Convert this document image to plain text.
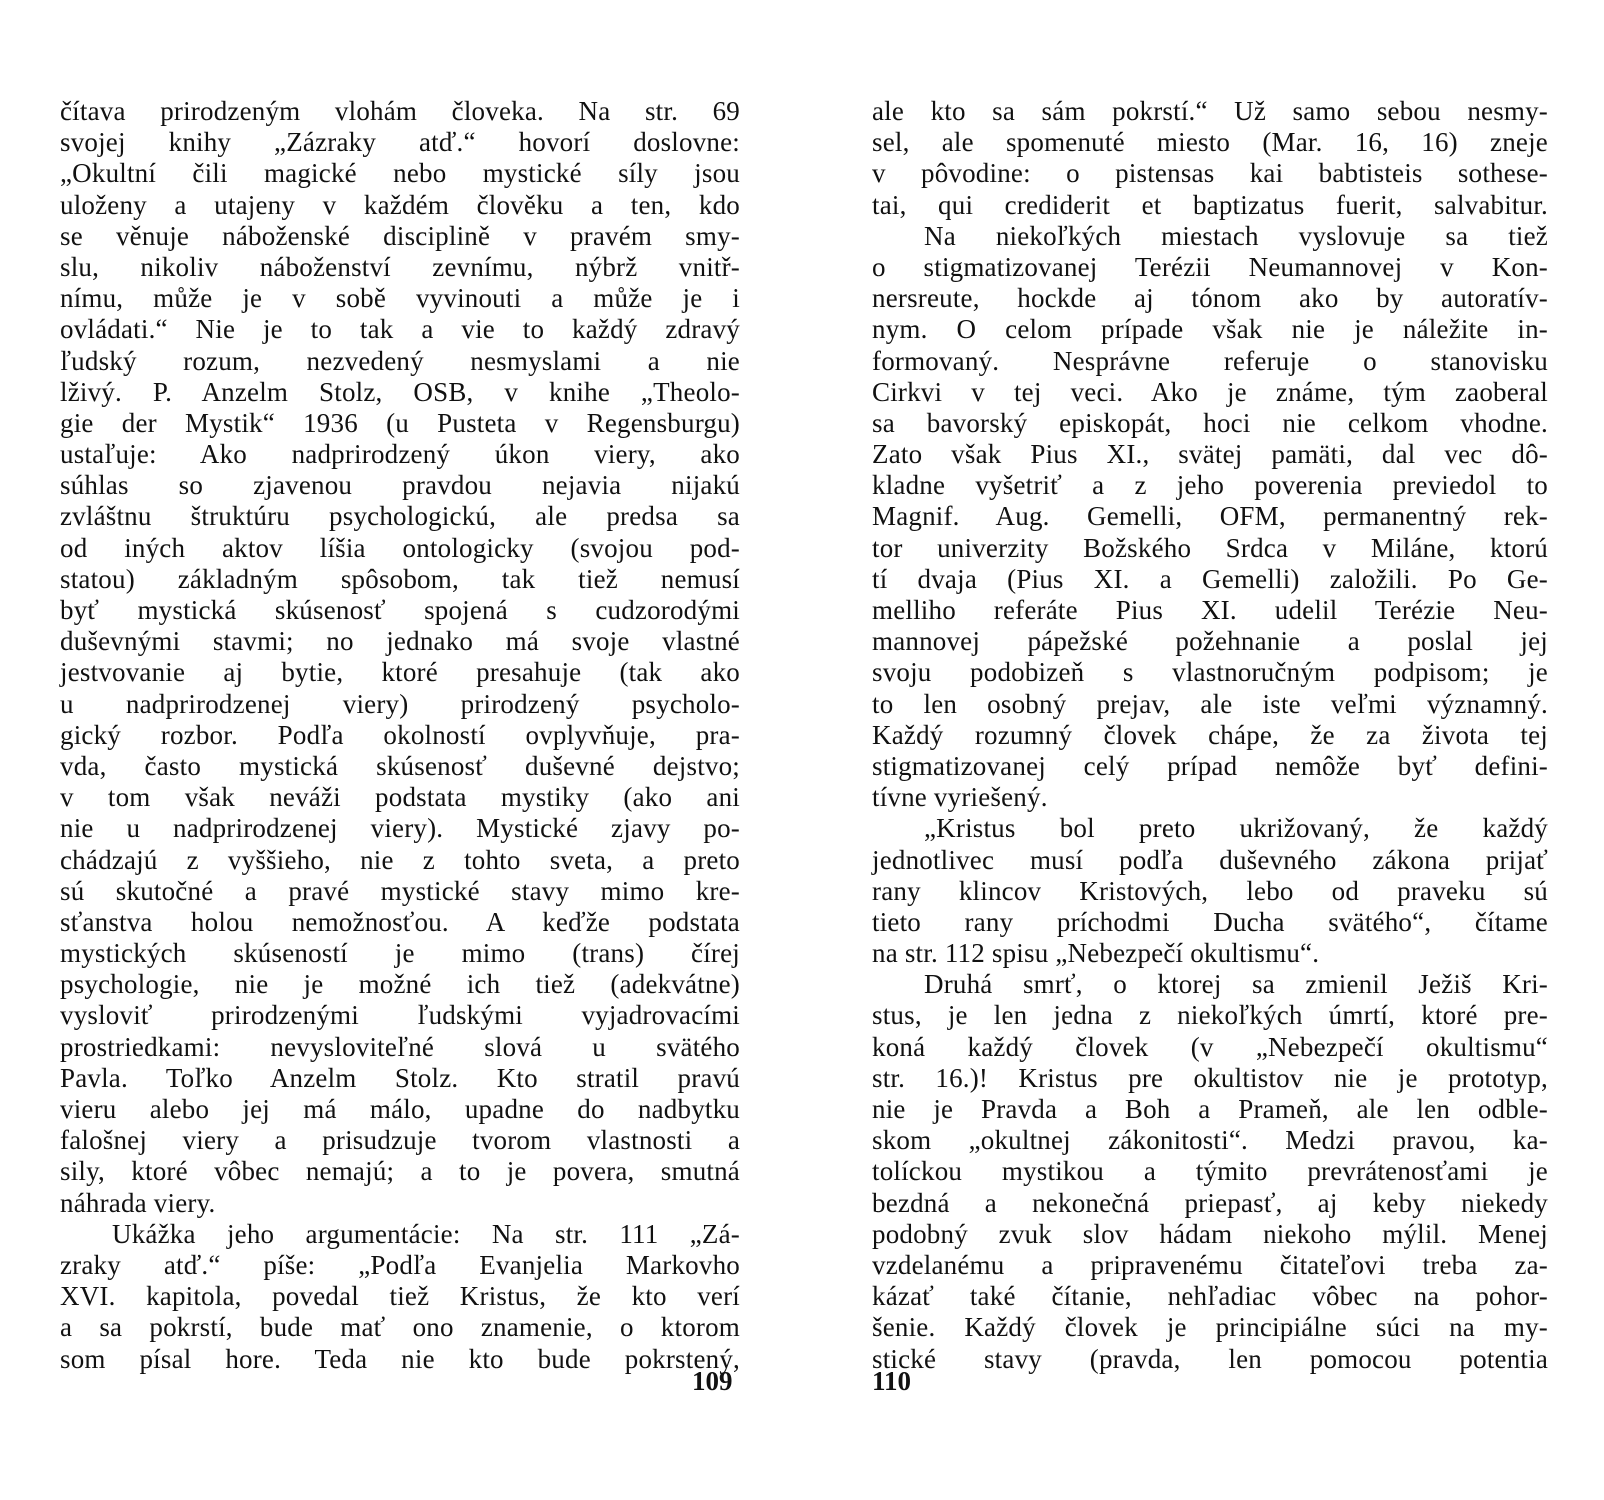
čítava prirodzeným vlohám človeka. Na str. 69
svojej knihy „Zázraky atď.“ hovorí doslovne:
„Okultní čili magické nebo mystické síly jsou
uloženy a utajeny v každém člověku a ten, kdo
se věnuje náboženské disciplině v pravém smy-
slu, nikoliv náboženství zevnímu, nýbrž vnitř-
nímu, může je v sobě vyvinouti a může je i
ovládati.“ Nie je to tak a vie to každý zdravý
ľudský rozum, nezvedený nesmyslami a nie
lživý. P. Anzelm Stolz, OSB, v knihe „Theolo-
gie der Mystik“ 1936 (u Pusteta v Regensburgu)
ustaľuje: Ako nadprirodzený úkon viery, ako
súhlas so zjavenou pravdou nejavia nijakú
zvláštnu štruktúru psychologickú, ale predsa sa
od iných aktov líšia ontologicky (svojou pod-
statou) základným spôsobom, tak tiež nemusí
byť mystická skúsenosť spojená s cudzorodými
duševnými stavmi; no jednako má svoje vlastné
jestvovanie aj bytie, ktoré presahuje (tak ako
u nadprirodzenej viery) prirodzený psycholo-
gický rozbor. Podľa okolností ovplyvňuje, pra-
vda, často mystická skúsenosť duševné dejstvo;
v tom však neváži podstata mystiky (ako ani
nie u nadprirodzenej viery). Mystické zjavy po-
chádzajú z vyššieho, nie z tohto sveta, a preto
sú skutočné a pravé mystické stavy mimo kre-
sťanstva holou nemožnosťou. A keďže podstata
mystických skúseností je mimo (trans) čírej
psychologie, nie je možné ich tiež (adekvátne)
vysloviť prirodzenými ľudskými vyjadrovacími
prostriedkami: nevysloviteľné slová u svätého
Pavla. Toľko Anzelm Stolz. Kto stratil pravú
vieru alebo jej má málo, upadne do nadbytku
falošnej viery a prisudzuje tvorom vlastnosti a
sily, ktoré vôbec nemajú; a to je povera, smutná
náhrada viery.
Ukážka jeho argumentácie: Na str. 111 „Zá-
zraky atď.“ píše: „Podľa Evanjelia Markovho
XVI. kapitola, povedal tiež Kristus, že kto verí
a sa pokrstí, bude mať ono znamenie, o ktorom
som písal hore. Teda nie kto bude pokrstený,
ale kto sa sám pokrstí.“ Už samo sebou nesmy-
sel, ale spomenuté miesto (Mar. 16, 16) zneje
v pôvodine: o pistensas kai babtisteis sothese-
tai, qui crediderit et baptizatus fuerit, salvabitur.
Na niekoľkých miestach vyslovuje sa tiež
o stigmatizovanej Terézii Neumannovej v Kon-
nersreute, hockde aj tónom ako by autoratív-
nym. O celom prípade však nie je náležite in-
formovaný. Nesprávne referuje o stanovisku
Cirkvi v tej veci. Ako je známe, tým zaoberal
sa bavorský episkopát, hoci nie celkom vhodne.
Zato však Pius XI., svätej pamäti, dal vec dô-
kladne vyšetriť a z jeho poverenia previedol to
Magnif. Aug. Gemelli, OFM, permanentný rek-
tor univerzity Božského Srdca v Miláne, ktorú
tí dvaja (Pius XI. a Gemelli) založili. Po Ge-
melliho referáte Pius XI. udelil Terézie Neu-
mannovej pápežské požehnanie a poslal jej
svoju podobizeň s vlastnoručným podpisom; je
to len osobný prejav, ale iste veľmi významný.
Každý rozumný človek chápe, že za života tej
stigmatizovanej celý prípad nemôže byť defini-
tívne vyriešený.
„Kristus bol preto ukrižovaný, že každý
jednotlivec musí podľa duševného zákona prijať
rany klincov Kristových, lebo od praveku sú
tieto rany príchodmi Ducha svätého“, čítame
na str. 112 spisu „Nebezpečí okultismu“.
Druhá smrť, o ktorej sa zmienil Ježiš Kri-
stus, je len jedna z niekoľkých úmrtí, ktoré pre-
koná každý človek (v „Nebezpečí okultismu“
str. 16.)! Kristus pre okultistov nie je prototyp,
nie je Pravda a Boh a Prameň, ale len odble-
skom „okultnej zákonitosti“. Medzi pravou, ka-
tolíckou mystikou a týmito prevrátenosťami je
bezdná a nekonečná priepasť, aj keby niekedy
podobný zvuk slov hádam niekoho mýlil. Menej
vzdelanému a pripravenému čitateľovi treba za-
kázať také čítanie, nehľadiac vôbec na pohor-
šenie. Každý človek je principiálne súci na my-
stické stavy (pravda, len pomocou potentia
109	110
